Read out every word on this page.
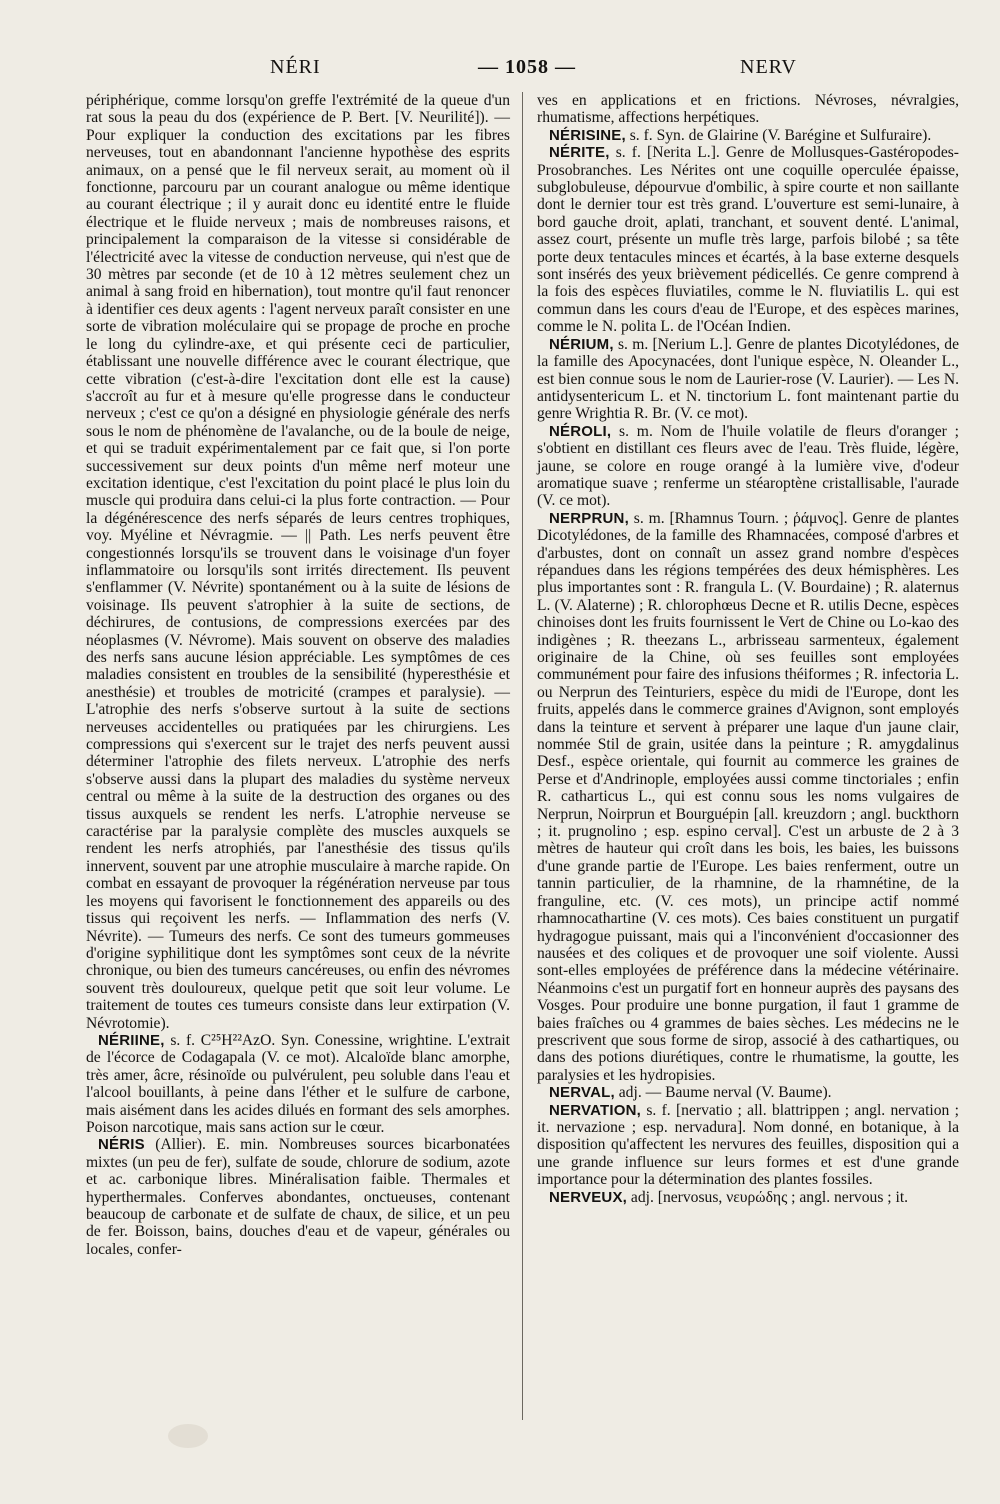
NÉRI	— 1058 —	NERV

périphérique, comme lorsqu'on greffe l'extrémité de la queue d'un rat sous la peau du dos (expérience de P. Bert. [V. Neurilité]). — Pour expliquer la conduction des excitations par les fibres nerveuses, tout en abandonnant l'ancienne hypothèse des esprits animaux, on a pensé que le fil nerveux serait, au moment où il fonctionne, parcouru par un courant analogue ou même identique au courant électrique ; il y aurait donc eu identité entre le fluide électrique et le fluide nerveux ; mais de nombreuses raisons, et principalement la comparaison de la vitesse si considérable de l'électricité avec la vitesse de conduction nerveuse, qui n'est que de 30 mètres par seconde (et de 10 à 12 mètres seulement chez un animal à sang froid en hibernation), tout montre qu'il faut renoncer à identifier ces deux agents : l'agent nerveux paraît consister en une sorte de vibration moléculaire qui se propage de proche en proche le long du cylindre-axe, et qui présente ceci de particulier, établissant une nouvelle différence avec le courant électrique, que cette vibration (c'est-à-dire l'excitation dont elle est la cause) s'accroît au fur et à mesure qu'elle progresse dans le conducteur nerveux ; c'est ce qu'on a désigné en physiologie générale des nerfs sous le nom de phénomène de l'avalanche, ou de la boule de neige, et qui se traduit expérimentalement par ce fait que, si l'on porte successivement sur deux points d'un même nerf moteur une excitation identique, c'est l'excitation du point placé le plus loin du muscle qui produira dans celui-ci la plus forte contraction. — Pour la dégénérescence des nerfs séparés de leurs centres trophiques, voy. Myéline et Névragmie. — || Path. Les nerfs peuvent être congestionnés lorsqu'ils se trouvent dans le voisinage d'un foyer inflammatoire ou lorsqu'ils sont irrités directement. Ils peuvent s'enflammer (V. Névrite) spontanément ou à la suite de lésions de voisinage. Ils peuvent s'atrophier à la suite de sections, de déchirures, de contusions, de compressions exercées par des néoplasmes (V. Névrome). Mais souvent on observe des maladies des nerfs sans aucune lésion appréciable. Les symptômes de ces maladies consistent en troubles de la sensibilité (hyperesthésie et anesthésie) et troubles de motricité (crampes et paralysie). — L'atrophie des nerfs s'observe surtout à la suite de sections nerveuses accidentelles ou pratiquées par les chirurgiens. Les compressions qui s'exercent sur le trajet des nerfs peuvent aussi déterminer l'atrophie des filets nerveux. L'atrophie des nerfs s'observe aussi dans la plupart des maladies du système nerveux central ou même à la suite de la destruction des organes ou des tissus auxquels se rendent les nerfs. L'atrophie nerveuse se caractérise par la paralysie complète des muscles auxquels se rendent les nerfs atrophiés, par l'anesthésie des tissus qu'ils innervent, souvent par une atrophie musculaire à marche rapide. On combat en essayant de provoquer la régénération nerveuse par tous les moyens qui favorisent le fonctionnement des appareils ou des tissus qui reçoivent les nerfs. — Inflammation des nerfs (V. Névrite). — Tumeurs des nerfs. Ce sont des tumeurs gommeuses d'origine syphilitique dont les symptômes sont ceux de la névrite chronique, ou bien des tumeurs cancéreuses, ou enfin des névromes souvent très douloureux, quelque petit que soit leur volume. Le traitement de toutes ces tumeurs consiste dans leur extirpation (V. Névrotomie).

NÉRIINE, s. f. C²⁵H²²AzO. Syn. Conessine, wrightine. L'extrait de l'écorce de Codagapala (V. ce mot). Alcaloïde blanc amorphe, très amer, âcre, résinoïde ou pulvérulent, peu soluble dans l'eau et l'alcool bouillants, à peine dans l'éther et le sulfure de carbone, mais aisément dans les acides dilués en formant des sels amorphes. Poison narcotique, mais sans action sur le cœur.

NÉRIS (Allier). E. min. Nombreuses sources bicarbonatées mixtes (un peu de fer), sulfate de soude, chlorure de sodium, azote et ac. carbonique libres. Minéralisation faible. Thermales et hyperthermales. Conferves abondantes, onctueuses, contenant beaucoup de carbonate et de sulfate de chaux, de silice, et un peu de fer. Boisson, bains, douches d'eau et de vapeur, générales ou locales, confer-

ves en applications et en frictions. Névroses, névralgies, rhumatisme, affections herpétiques.

NÉRISINE, s. f. Syn. de Glairine (V. Barégine et Sulfuraire).

NÉRITE, s. f. [Nerita L.]. Genre de Mollusques-Gastéropodes-Prosobranches. Les Nérites ont une coquille operculée épaisse, subglobuleuse, dépourvue d'ombilic, à spire courte et non saillante dont le dernier tour est très grand. L'ouverture est semi-lunaire, à bord gauche droit, aplati, tranchant, et souvent denté. L'animal, assez court, présente un mufle très large, parfois bilobé ; sa tête porte deux tentacules minces et écartés, à la base externe desquels sont insérés des yeux brièvement pédicellés. Ce genre comprend à la fois des espèces fluviatiles, comme le N. fluviatilis L. qui est commun dans les cours d'eau de l'Europe, et des espèces marines, comme le N. polita L. de l'Océan Indien.

NÉRIUM, s. m. [Nerium L.]. Genre de plantes Dicotylédones, de la famille des Apocynacées, dont l'unique espèce, N. Oleander L., est bien connue sous le nom de Laurier-rose (V. Laurier). — Les N. antidysentericum L. et N. tinctorium L. font maintenant partie du genre Wrightia R. Br. (V. ce mot).

NÉROLI, s. m. Nom de l'huile volatile de fleurs d'oranger ; s'obtient en distillant ces fleurs avec de l'eau. Très fluide, légère, jaune, se colore en rouge orangé à la lumière vive, d'odeur aromatique suave ; renferme un stéaroptène cristallisable, l'aurade (V. ce mot).

NERPRUN, s. m. [Rhamnus Tourn. ; ῥάμνος]. Genre de plantes Dicotylédones, de la famille des Rhamnacées, composé d'arbres et d'arbustes, dont on connaît un assez grand nombre d'espèces répandues dans les régions tempérées des deux hémisphères. Les plus importantes sont : R. frangula L. (V. Bourdaine) ; R. alaternus L. (V. Alaterne) ; R. chlorophœus Decne et R. utilis Decne, espèces chinoises dont les fruits fournissent le Vert de Chine ou Lo-kao des indigènes ; R. theezans L., arbrisseau sarmenteux, également originaire de la Chine, où ses feuilles sont employées communément pour faire des infusions théiformes ; R. infectoria L. ou Nerprun des Teinturiers, espèce du midi de l'Europe, dont les fruits, appelés dans le commerce graines d'Avignon, sont employés dans la teinture et servent à préparer une laque d'un jaune clair, nommée Stil de grain, usitée dans la peinture ; R. amygdalinus Desf., espèce orientale, qui fournit au commerce les graines de Perse et d'Andrinople, employées aussi comme tinctoriales ; enfin R. catharticus L., qui est connu sous les noms vulgaires de Nerprun, Noirprun et Bourguépin [all. kreuzdorn ; angl. buckthorn ; it. prugnolino ; esp. espino cerval]. C'est un arbuste de 2 à 3 mètres de hauteur qui croît dans les bois, les baies, les buissons d'une grande partie de l'Europe. Les baies renferment, outre un tannin particulier, de la rhamnine, de la rhamnétine, de la franguline, etc. (V. ces mots), un principe actif nommé rhamnocathartine (V. ces mots). Ces baies constituent un purgatif hydragogue puissant, mais qui a l'inconvénient d'occasionner des nausées et des coliques et de provoquer une soif violente. Aussi sont-elles employées de préférence dans la médecine vétérinaire. Néanmoins c'est un purgatif fort en honneur auprès des paysans des Vosges. Pour produire une bonne purgation, il faut 1 gramme de baies fraîches ou 4 grammes de baies sèches. Les médecins ne le prescrivent que sous forme de sirop, associé à des cathartiques, ou dans des potions diurétiques, contre le rhumatisme, la goutte, les paralysies et les hydropisies.

NERVAL, adj. — Baume nerval (V. Baume).

NERVATION, s. f. [nervatio ; all. blattrippen ; angl. nervation ; it. nervazione ; esp. nervadura]. Nom donné, en botanique, à la disposition qu'affectent les nervures des feuilles, disposition qui a une grande influence sur leurs formes et est d'une grande importance pour la détermination des plantes fossiles.

NERVEUX, adj. [nervosus, νευρώδης ; angl. nervous ; it.
